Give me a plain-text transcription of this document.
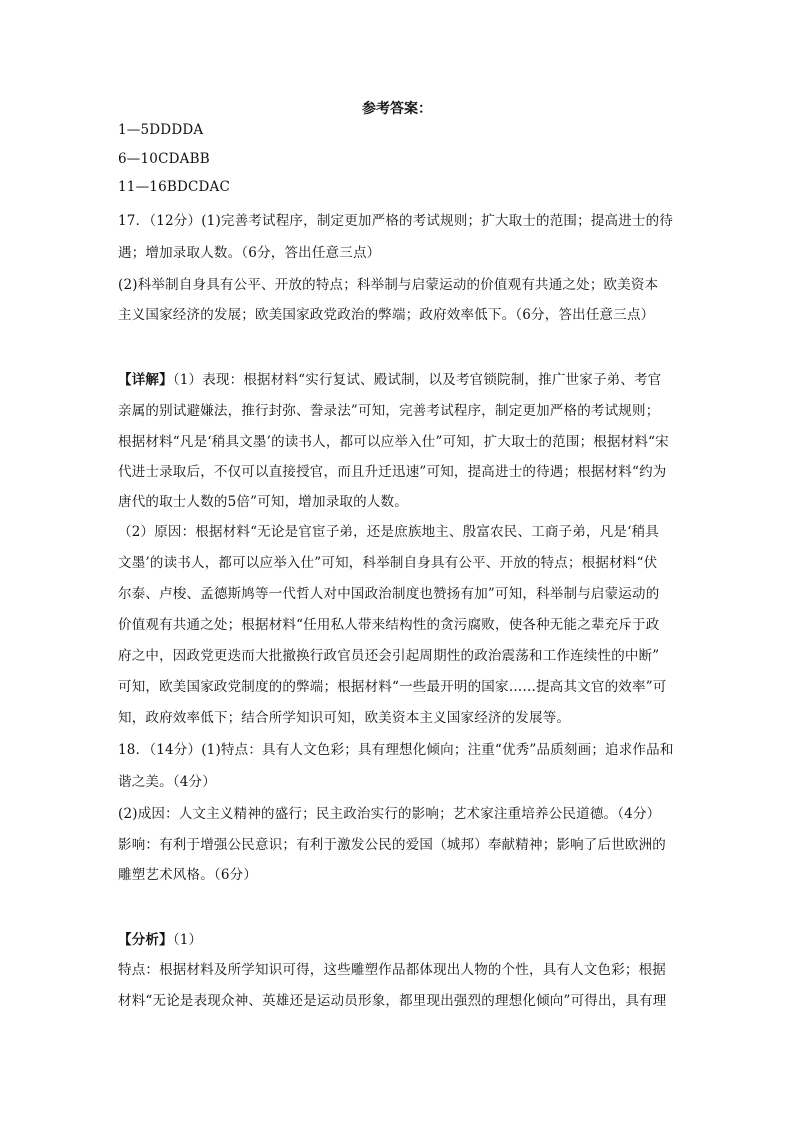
参考答案：
1—5DDDDA
6—10CDABB
11—16BDCDAC
17．（12分）(1)完善考试程序，制定更加严格的考试规则；扩大取士的范围；提高进士的待
遇；增加录取人数。（6分，答出任意三点）
(2)科举制自身具有公平、开放的特点；科举制与启蒙运动的价值观有共通之处；欧美资本
主义国家经济的发展；欧美国家政党政治的弊端；政府效率低下。（6分，答出任意三点）
【详解】（1）表现：根据材料“实行复试、殿试制，以及考官锁院制，推广世家子弟、考官
亲属的别试避嫌法，推行封弥、誊录法”可知，完善考试程序，制定更加严格的考试规则；
根据材料“凡是‘稍具文墨’的读书人，都可以应举入仕”可知，扩大取士的范围；根据材料“宋
代进士录取后，不仅可以直接授官，而且升迁迅速”可知，提高进士的待遇；根据材料“约为
唐代的取士人数的5倍”可知，增加录取的人数。
（2）原因：根据材料“无论是官宦子弟，还是庶族地主、殷富农民、工商子弟，凡是‘稍具
文墨’的读书人，都可以应举入仕”可知，科举制自身具有公平、开放的特点；根据材料“伏
尔泰、卢梭、孟德斯鸠等一代哲人对中国政治制度也赞扬有加”可知，科举制与启蒙运动的
价值观有共通之处；根据材料“任用私人带来结构性的贪污腐败，使各种无能之辈充斥于政
府之中，因政党更迭而大批撤换行政官员还会引起周期性的政治震荡和工作连续性的中断”
可知，欧美国家政党制度的的弊端；根据材料“一些最开明的国家……提高其文官的效率”可
知，政府效率低下；结合所学知识可知，欧美资本主义国家经济的发展等。
18．（14分）(1)特点：具有人文色彩；具有理想化倾向；注重“优秀”品质刻画；追求作品和
谐之美。（4分）
(2)成因：人文主义精神的盛行；民主政治实行的影响；艺术家注重培养公民道德。（4分）
影响：有利于增强公民意识；有利于激发公民的爱国（城邦）奉献精神；影响了后世欧洲的
雕塑艺术风格。（6分）
【分析】（1）
特点：根据材料及所学知识可得，这些雕塑作品都体现出人物的个性，具有人文色彩；根据
材料“无论是表现众神、英雄还是运动员形象，都里现出强烈的理想化倾向”可得出，具有理
